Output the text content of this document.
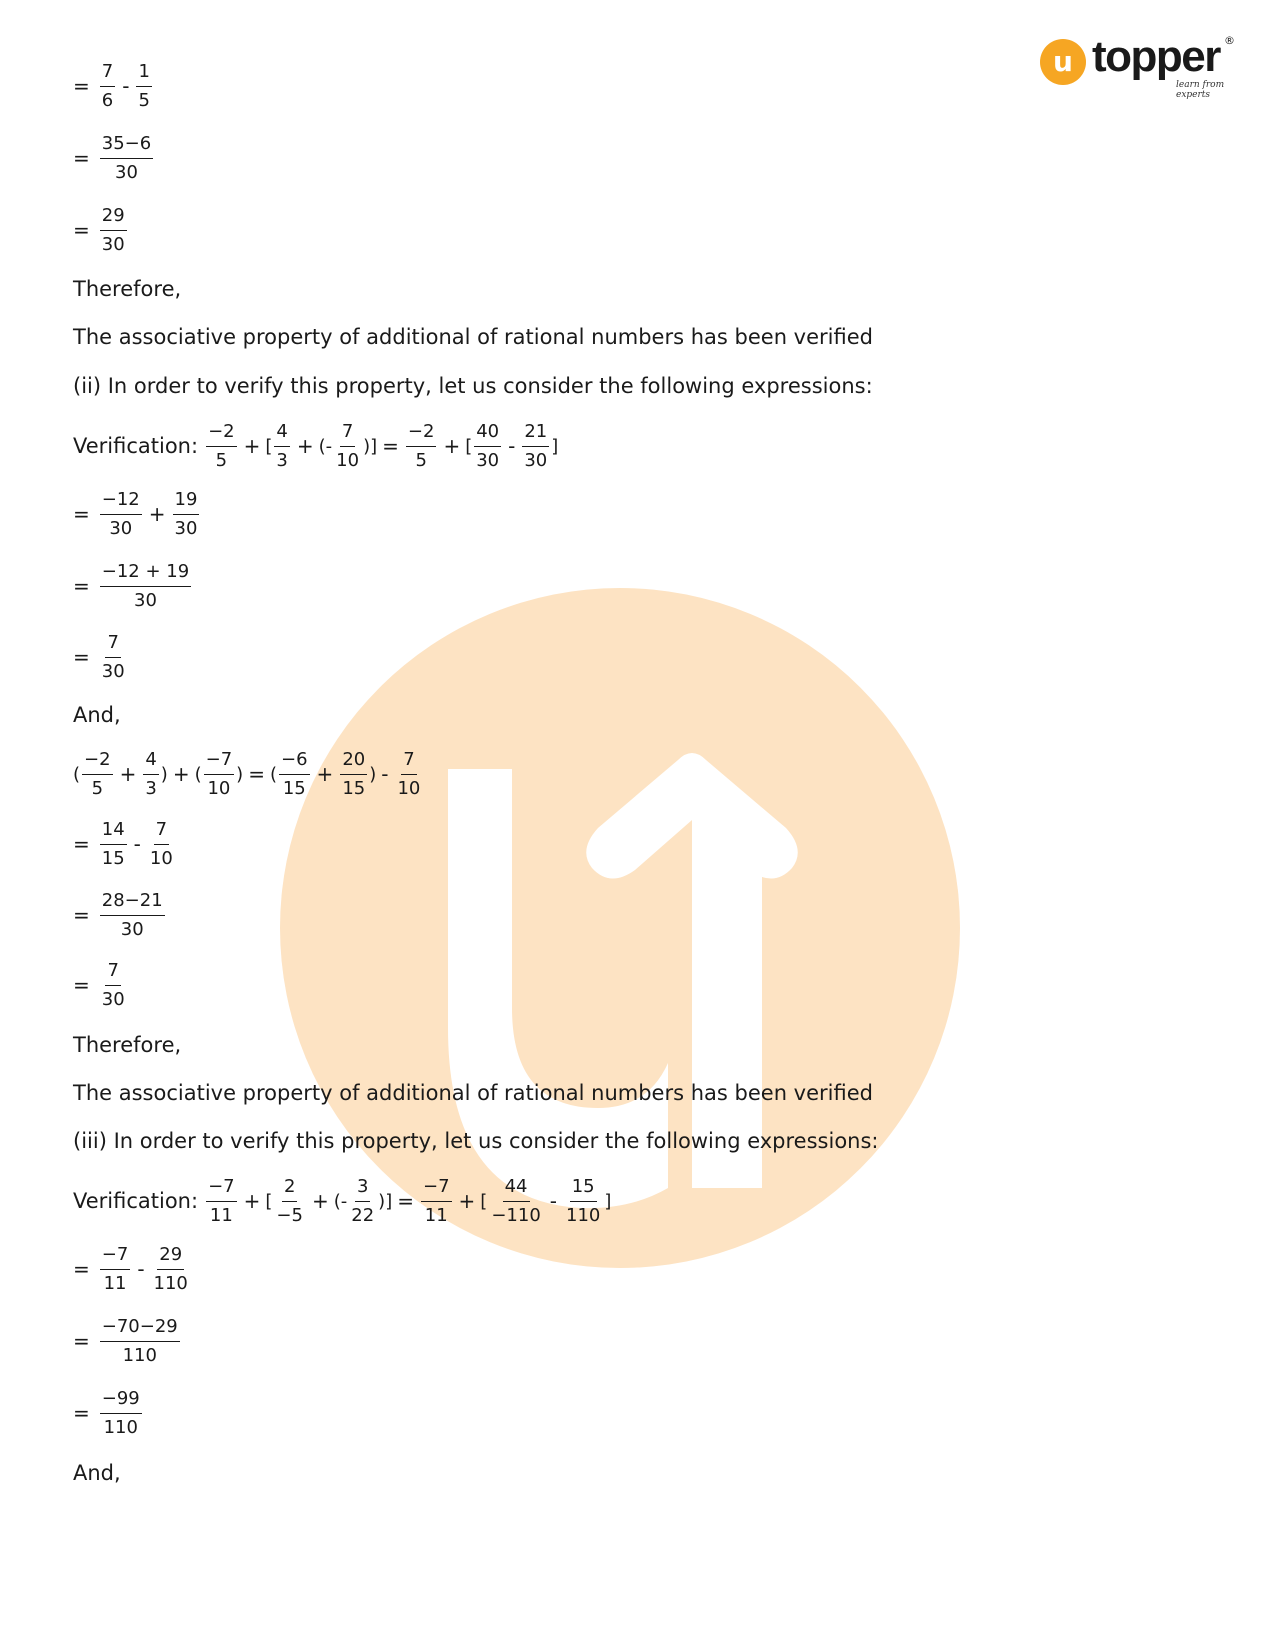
u topper ®
learn from experts
= $\frac{7}{6} - \frac{1}{5}$
= $\frac{35-6}{30}$
= $\frac{29}{30}$
Therefore,
The associative property of additional of rational numbers has been verified
(ii) In order to verify this property, let us consider the following expressions:
Verification: $\frac{-2}{5}$ + [ $\frac{4}{3}$ + (- $\frac{7}{10}$ )] = $\frac{-2}{5}$ + [ $\frac{40}{30} - \frac{21}{30}$ ]
= $\frac{-12}{30} + \frac{19}{30}$
= $\frac{-12 + 19}{30}$
= $\frac{7}{30}$
And,
( $\frac{-2}{5} + \frac{4}{3}$ ) + ( $\frac{-7}{10}$ ) = ( $\frac{-6}{15} + \frac{20}{15}$ ) - $\frac{7}{10}$
= $\frac{14}{15} - \frac{7}{10}$
= $\frac{28-21}{30}$
= $\frac{7}{30}$
Therefore,
The associative property of additional of rational numbers has been verified
(iii) In order to verify this property, let us consider the following expressions:
Verification: $\frac{-7}{11}$ + [ $\frac{2}{-5}$ + (- $\frac{3}{22}$ )] = $\frac{-7}{11}$ + [ $\frac{44}{-110} - \frac{15}{110}$ ]
= $\frac{-7}{11} - \frac{29}{110}$
= $\frac{-70-29}{110}$
= $\frac{-99}{110}$
And,
